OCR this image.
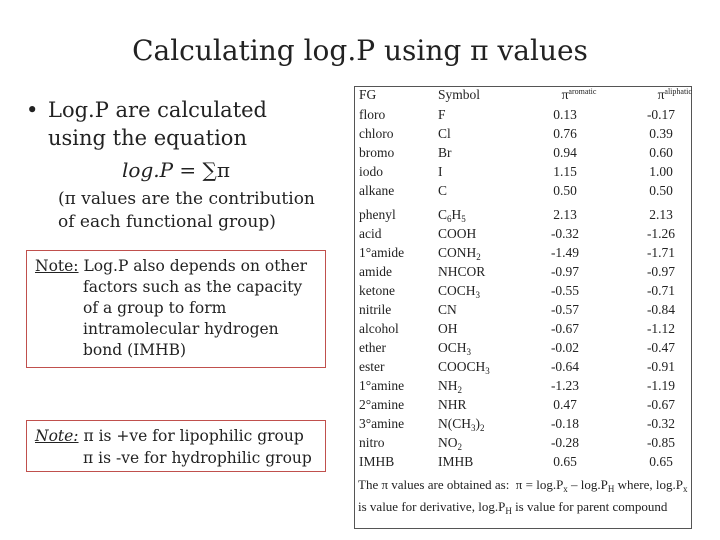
Calculating log.P using π values
• Log.P are calculated using the equation
log.P = ∑π
(π values are the contribution of each functional group)
Note: Log.P also depends on other
factors such as the capacity of a group to form intramolecular hydrogen bond (IMHB)
Note: π is +ve for lipophilic group
π is -ve for hydrophilic group
FG	Symbol	π aromatic	π aliphatic
floro	F	0.13	-0.17
chloro	Cl	0.76	0.39
bromo	Br	0.94	0.60
iodo	I	1.15	1.00
alkane	C	0.50	0.50
phenyl	$C_6H_5$	2.13	2.13
acid	COOH	-0.32	-1.26
1°amide	$CONH_2$	-1.49	-1.71
amide	NHCOR	-0.97	-0.97
ketone	$COCH_3$	-0.55	-0.71
nitrile	CN	-0.57	-0.84
alcohol	OH	-0.67	-1.12
ether	$OCH_3$	-0.02	-0.47
ester	$COOCH_3$	-0.64	-0.91
1°amine	$NH_2$	-1.23	-1.19
2°amine	NHR	0.47	-0.67
3°amine	$N(CH_3)_2$	-0.18	-0.32
nitro	$NO_2$	-0.28	-0.85
IMHB	IMHB	0.65	0.65
The π values are obtained as:  $\pi = \log.P_x - \log.P_H$ where, $\log.P_x$ is value for derivative, $\log.P_H$ is value for parent compound
